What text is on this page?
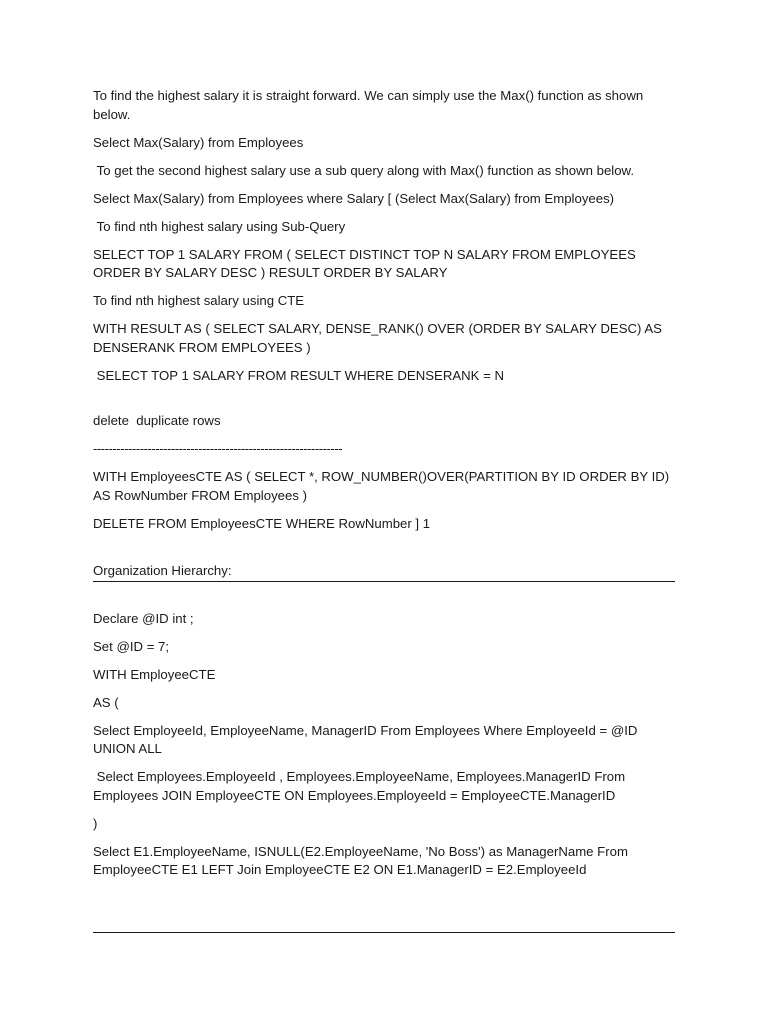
To find the highest salary it is straight forward. We can simply use the Max() function as shown below.

Select Max(Salary) from Employees

To get the second highest salary use a sub query along with Max() function as shown below.

Select Max(Salary) from Employees where Salary [ (Select Max(Salary) from Employees)

To find nth highest salary using Sub-Query

SELECT TOP 1 SALARY FROM ( SELECT DISTINCT TOP N SALARY FROM EMPLOYEES ORDER BY SALARY DESC ) RESULT ORDER BY SALARY

To find nth highest salary using CTE

WITH RESULT AS ( SELECT SALARY, DENSE_RANK() OVER (ORDER BY SALARY DESC) AS DENSERANK FROM EMPLOYEES )

SELECT TOP 1 SALARY FROM RESULT WHERE DENSERANK = N

delete  duplicate rows

----------------------------------------------------------------

WITH EmployeesCTE AS ( SELECT *, ROW_NUMBER()OVER(PARTITION BY ID ORDER BY ID) AS RowNumber FROM Employees )

DELETE FROM EmployeesCTE WHERE RowNumber ] 1

Organization Hierarchy:

Declare @ID int ;

Set @ID = 7;

WITH EmployeeCTE

AS (

Select EmployeeId, EmployeeName, ManagerID From Employees Where EmployeeId = @ID UNION ALL

Select Employees.EmployeeId , Employees.EmployeeName, Employees.ManagerID From Employees JOIN EmployeeCTE ON Employees.EmployeeId = EmployeeCTE.ManagerID

)

Select E1.EmployeeName, ISNULL(E2.EmployeeName, 'No Boss') as ManagerName From EmployeeCTE E1 LEFT Join EmployeeCTE E2 ON E1.ManagerID = E2.EmployeeId
